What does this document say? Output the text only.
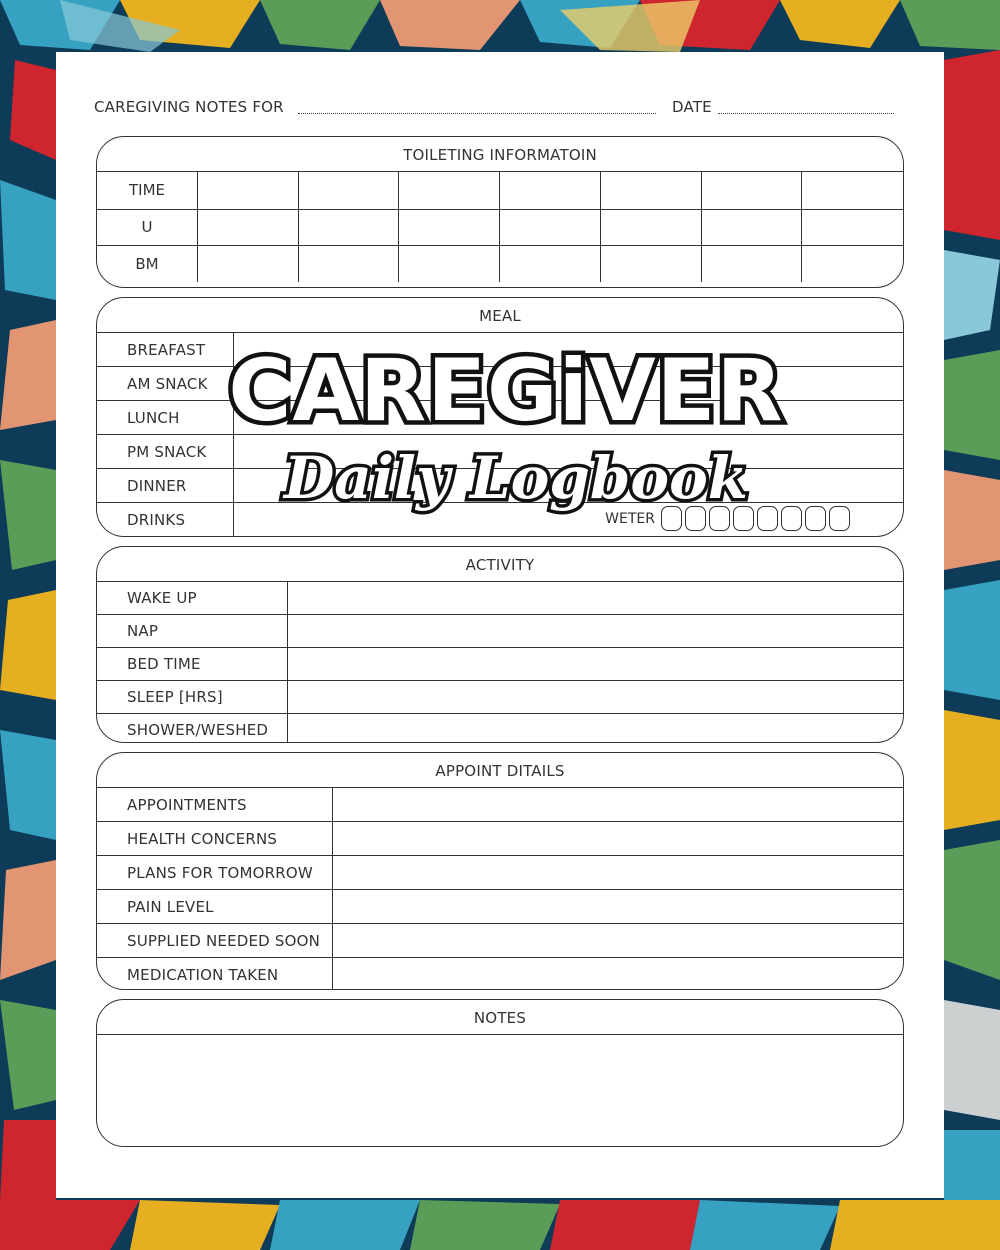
CAREGIVING NOTES FOR	DATE
TOILETING INFORMATOIN
TIME
U
BM
MEAL
BREAFAST
AM SNACK
LUNCH
PM SNACK
DINNER
DRINKS	WETER
CAREGiVER
Daily Logbook
ACTIVITY
WAKE UP
NAP
BED TIME
SLEEP [HRS]
SHOWER/WESHED
APPOINT DITAILS
APPOINTMENTS
HEALTH CONCERNS
PLANS FOR TOMORROW
PAIN LEVEL
SUPPLIED NEEDED SOON
MEDICATION TAKEN
NOTES
